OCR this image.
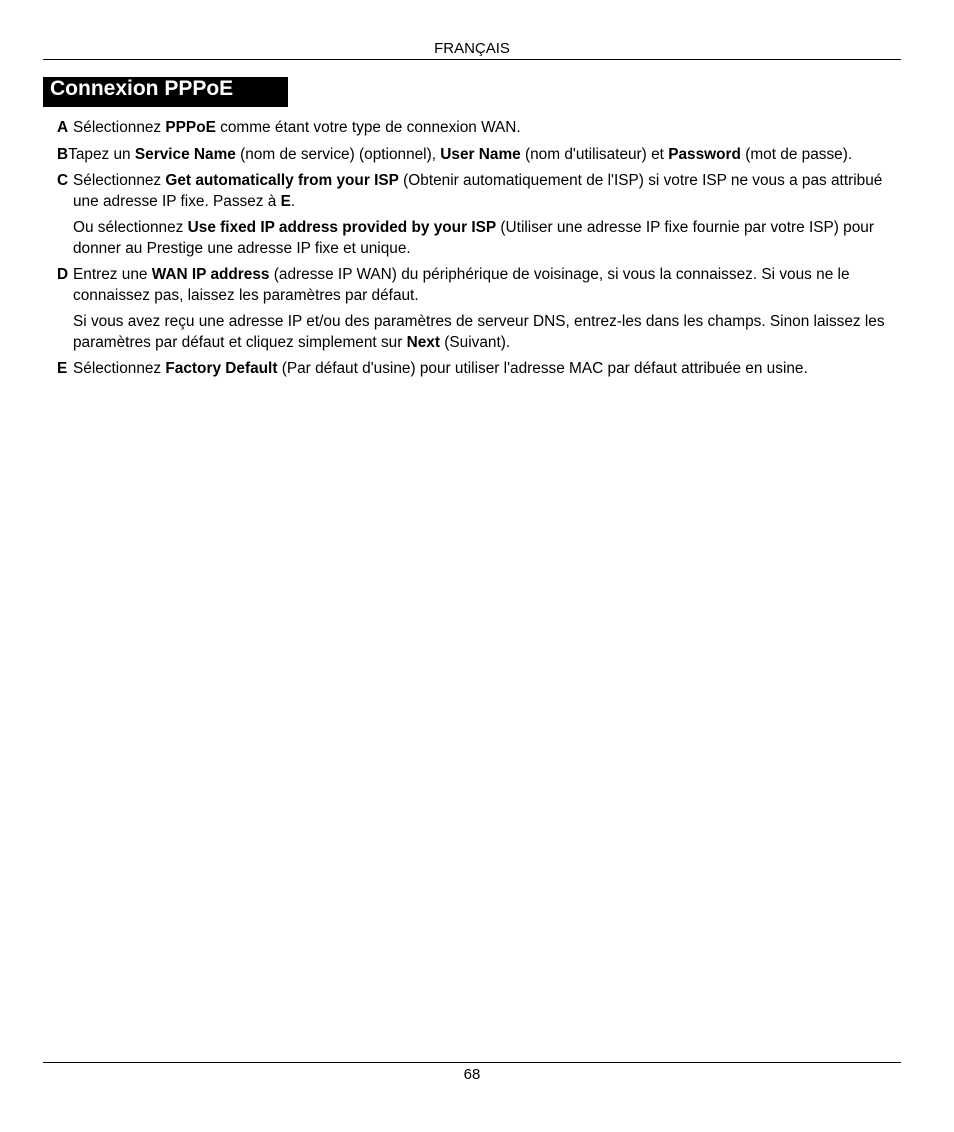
FRANÇAIS
Connexion PPPoE

A Sélectionnez PPPoE comme étant votre type de connexion WAN.

BTapez un Service Name (nom de service) (optionnel), User Name (nom d'utilisateur) et Password (mot de passe).

C Sélectionnez Get automatically from your ISP (Obtenir automatiquement de l'ISP) si votre ISP ne vous a pas attribué une adresse IP fixe. Passez à E.

Ou sélectionnez Use fixed IP address provided by your ISP (Utiliser une adresse IP fixe fournie par votre ISP) pour donner au Prestige une adresse IP fixe et unique.

D Entrez une WAN IP address (adresse IP WAN) du périphérique de voisinage, si vous la connaissez. Si vous ne le connaissez pas, laissez les paramètres par défaut.

Si vous avez reçu une adresse IP et/ou des paramètres de serveur DNS, entrez-les dans les champs. Sinon laissez les paramètres par défaut et cliquez simplement sur Next (Suivant).

E Sélectionnez Factory Default (Par défaut d'usine) pour utiliser l'adresse MAC par défaut attribuée en usine.

68
